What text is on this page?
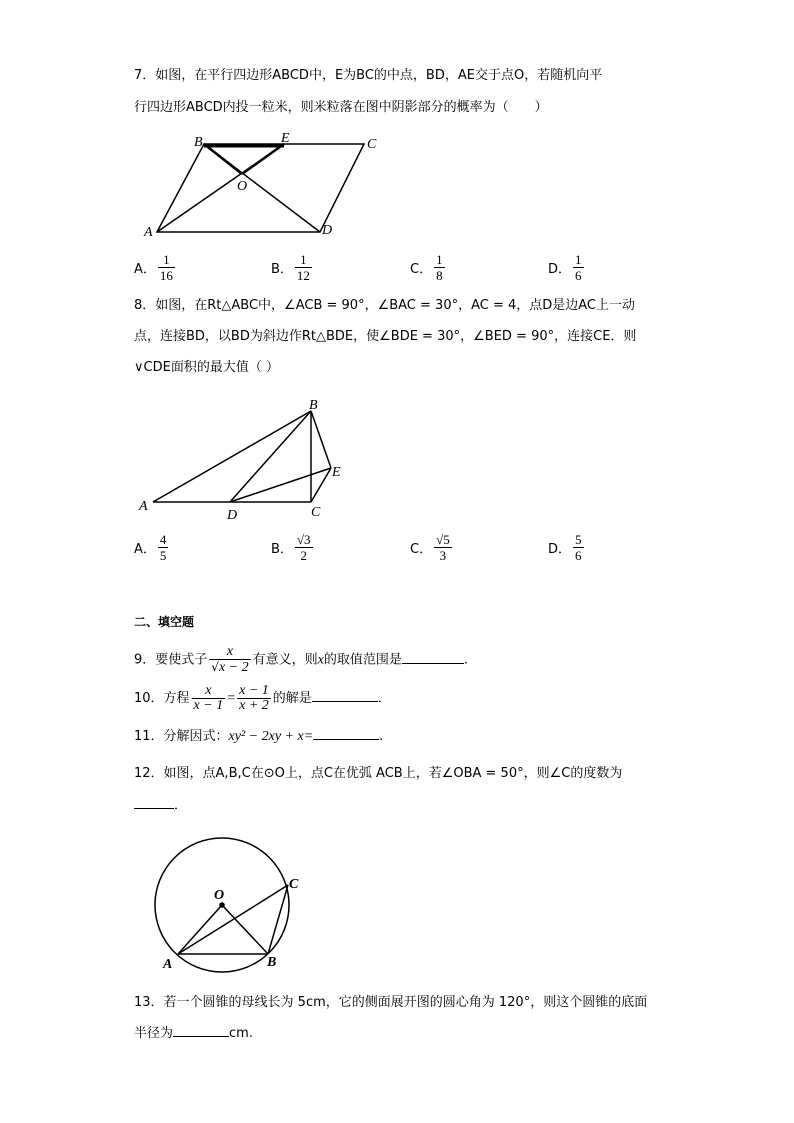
7．如图，在平行四边形ABCD中，E为BC的中点，BD，AE交于点O，若随机向平
行四边形ABCD内投一粒米，则米粒落在图中阴影部分的概率为（　　）
B	E	C
O
A	D
A． $\frac{1}{16}$	B． $\frac{1}{12}$	C． $\frac{1}{8}$	D． $\frac{1}{6}$
8．如图，在Rt△ABC中，∠ACB = 90°，∠BAC = 30°，AC = 4，点D是边AC上一动
点，连接BD，以BD为斜边作Rt△BDE，使∠BDE = 30°，∠BED = 90°，连接CE．则
∨CDE面积的最大值（ ）
B
E
A
D	C
A． $\frac{4}{5}$	B． $\frac{√3}{2}$	C． $\frac{√5}{3}$	D． $\frac{5}{6}$
二、填空题
9．要使式子 $\frac{x}{√x - 2}$ 有意义，则x的取值范围是	.
10．方程 $\frac{x}{x - 1} = \frac{x - 1}{x + 2}$ 的解是	．
11．分解因式：xy² − 2xy + x=	.
12．如图，点A,B,C在⊙O上，点C在优弧 ACB上，若∠OBA = 50°，则∠C的度数为
．
O
C
A	B
13．若一个圆锥的母线长为 5cm，它的侧面展开图的圆心角为 120°，则这个圆锥的底面
半径为	cm.
